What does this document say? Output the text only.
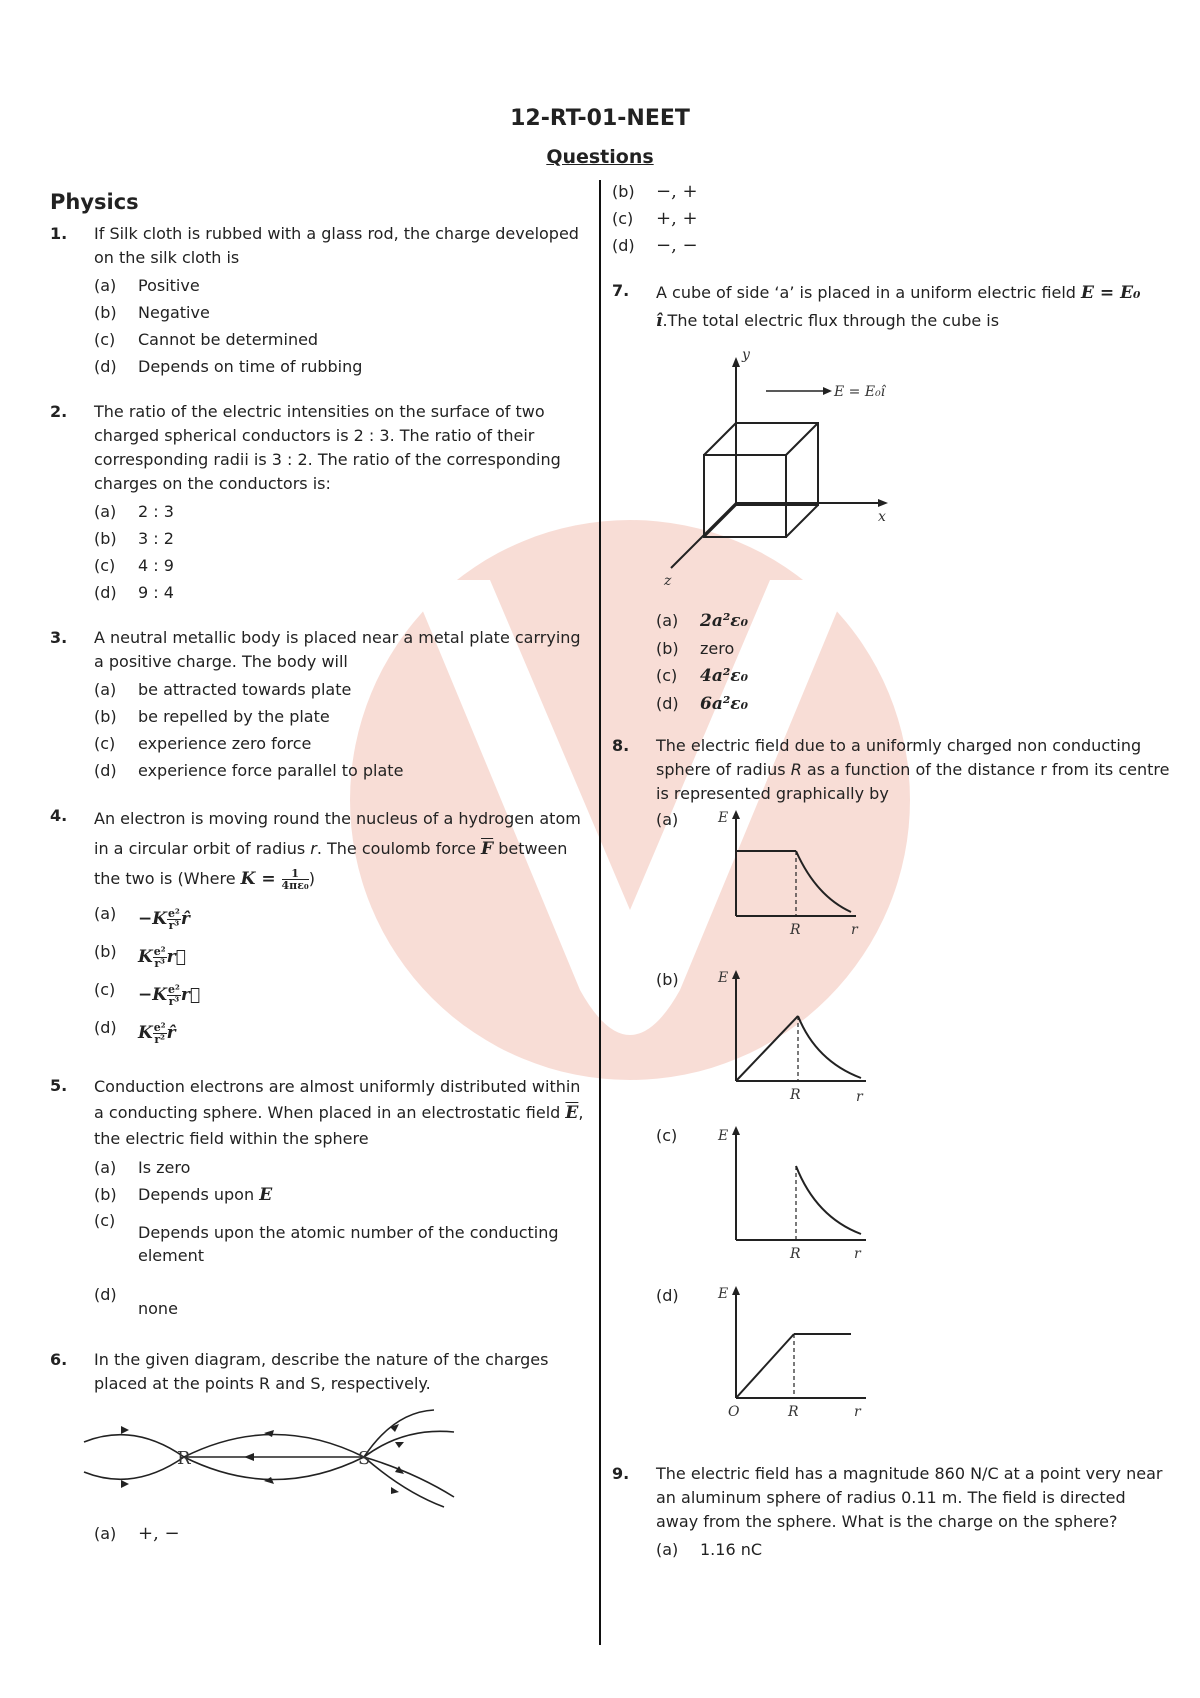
12-RT-01-NEET
Questions
Physics
1. If Silk cloth is rubbed with a glass rod, the charge developed on the silk cloth is
(a) Positive
(b) Negative
(c) Cannot be determined
(d) Depends on time of rubbing
2. The ratio of the electric intensities on the surface of two charged spherical conductors is 2 : 3. The ratio of their corresponding radii is 3 : 2. The ratio of the corresponding charges on the conductors is:
(a) 2 : 3
(b) 3 : 2
(c) 4 : 9
(d) 9 : 4
3. A neutral metallic body is placed near a metal plate carrying a positive charge. The body will
(a) be attracted towards plate
(b) be repelled by the plate
(c) experience zero force
(d) experience force parallel to plate
4. An electron is moving round the nucleus of a hydrogen atom in a circular orbit of radius r. The coulomb force $\overline{F}$ between the two is (Where $K = \frac{1}{\text{4πε₀}}$ )
$(a) -K \frac{\text{e²}}{\text{r³}}$ r̂
(b) K $\frac{\text{e²}}{\text{r³}}$ r⃗
$(c) -K \frac{\text{e²}}{\text{r³}}$ r⃗
(d) K $\frac{\text{e²}}{\text{r²}}$ r̂
5. Conduction electrons are almost uniformly distributed within a conducting sphere. When placed in an electrostatic field $\overline{E}$, the electric field within the sphere
(a) Is zero
(b) Depends upon E
(c)
Depends upon the atomic number of the conducting element
(d)
none
6. In the given diagram, describe the nature of the charges placed at the points R and S, respectively.
R	S
(a) +, −
(b) −, +
(c) +, +
(d) −, −
7. A cube of side ‘a’ is placed in a uniform electric field E = E₀ î.The total electric flux through the cube is
y
x
z
E = E₀î
(a) 2a²ε₀
(b) zero
(c) 4a²ε₀
(d) 6a²ε₀
8. The electric field due to a uniformly charged non conducting sphere of radius R as a function of the distance r from its centre is represented graphically by
(a)	E
R	r
(b)	E
R	r
(c)	E
R	r
(d)	E
O	R	r
9. The electric field has a magnitude 860 N/C at a point very near an aluminum sphere of radius 0.11 m. The field is directed away from the sphere. What is the charge on the sphere?
(a) 1.16 nC
